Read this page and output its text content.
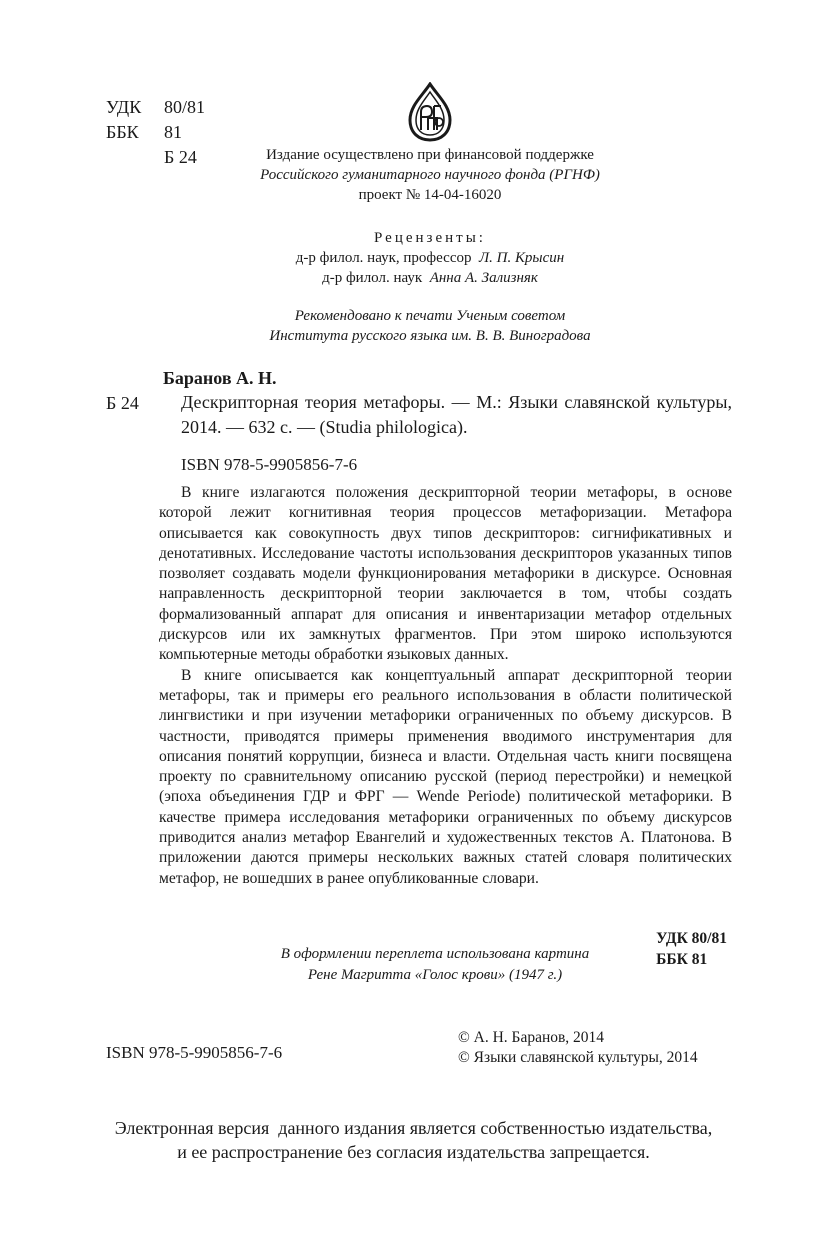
УДК 80/81
ББК 81
Б 24	Издание осуществлено при финансовой поддержке
Российского гуманитарного научного фонда (РГНФ)
проект № 14-04-16020
Рецензенты:
д-р филол. наук, профессор Л. П. Крысин
д-р филол. наук Анна А. Зализняк
Рекомендовано к печати Ученым советом
Института русского языка им. В. В. Виноградова
Баранов А. Н.
Б 24 Дескрипторная теория метафоры. — М.: Языки славянской культуры, 2014. — 632 с. — (Studia philologica).
ISBN 978-5-9905856-7-6

В книге излагаются положения дескрипторной теории метафоры, в основе которой лежит когнитивная теория процессов метафоризации. Метафора описывается как совокупность двух типов дескрипторов: сигнификативных и денотативных. Исследование частоты использования дескрипторов указанных типов позволяет создавать модели функционирования метафорики в дискурсе. Основная направленность дескрипторной теории заключается в том, чтобы создать формализованный аппарат для описания и инвентаризации метафор отдельных дискурсов или их замкнутых фрагментов. При этом широко используются компьютерные методы обработки языковых данных.

В книге описывается как концептуальный аппарат дескрипторной теории метафоры, так и примеры его реального использования в области политической лингвистики и при изучении метафорики ограниченных по объему дискурсов. В частности, приводятся примеры применения вводимого инструментария для описания понятий коррупции, бизнеса и власти. Отдельная часть книги посвящена проекту по сравнительному описанию русской (период перестройки) и немецкой (эпоха объединения ГДР и ФРГ — Wende Periode) политической метафорики. В качестве примера исследования метафорики ограниченных по объему дискурсов приводится анализ метафор Евангелий и художественных текстов А. Платонова. В приложении даются примеры нескольких важных статей словаря политических метафор, не вошедших в ранее опубликованные словари.

УДК 80/81
ББК 81
В оформлении переплета использована картина
Рене Магритта «Голос крови» (1947 г.)
ISBN 978-5-9905856-7-6
© А. Н. Баранов, 2014
© Языки славянской культуры, 2014
Электронная версия  данного издания является собственностью издательства,
и ее распространение без согласия издательства запрещается.
